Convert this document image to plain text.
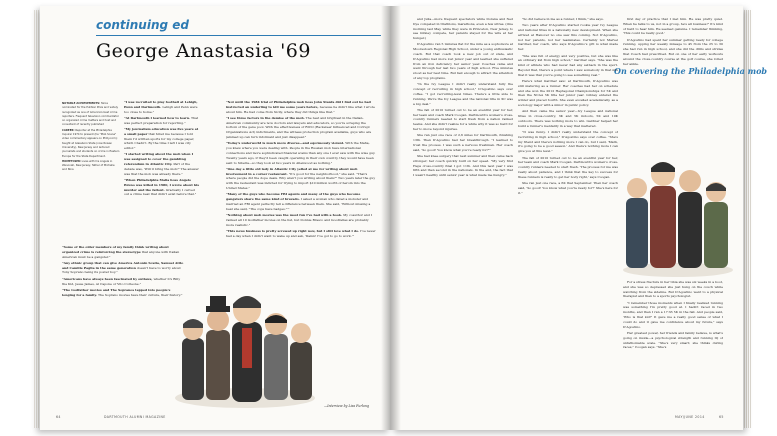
continuing ed
George Anastasia '69
On covering the Philadelphia mob

NOTABLE ACHIEVEMENTS: Twice nominated for the Pulitzer Prize and widely recognized as one of America's best crime reporters. Frequent television commentator on organized crime matters and host and consultant of recently published

CAREER: Reporter at the Philadelphia Inquirer 1974 to present (he "Mob Scene" video commentary appears on Philly.com); taught at Glassboro State (now Rowan University), New Jersey and lectured journalists and students on crime in Eastern Europe for the State Department.

HOMETOWN: Lives with his Angela in Wenonah, New Jersey; father of Michelle and Nina

"I was recruited to play football at Lehigh, Penn and Dartmouth. Lehigh and Penn were too close to home."

"At Dartmouth I learned how to learn. That was perfect preparation for reporting."

"My journalism education was five years at a small paper that hired me because I told them I'd written sports for my college paper, which I hadn't. By the time I left I was city editor."

"I started writing about the mob when I was assigned to cover the gambling referendum in Atlantic City. Part of the debate was, 'Will it bring the mob?' The answer was that the mob was already there."

"When Philadelphia Mafia boss Angelo Bruno was killed in 1980, I wrote about his murder and the fallout. Gradually I carved out a crime beat that didn't exist before that."

"Not until the 1984 trial of Philadelphia mob boss John Stanfa did I find out he had instructed an underling to kill me some years before, because he didn't like what I wrote about him. He had come from Sicily, where they did things like that."

"I see three factors in the demise of the mob. The best and brightest in the Italian-American community are now doctors and lawyers and educators, so you're scraping the bottom of the gene pool. With the effectiveness of RICO (Racketeer Influenced and Corrupt Organizations Act) indictments, and the witness protection program available, guys who are jammed up can turn informant and just disappear."

"Today's underworld is much more diverse—and eqormously violent. With the Mafia, you knew where you were dealing with. People in the Russian mob have international connections and more sophisticated financial scams than any one I ever saw with the wise guy. Twenty years ago, if they'd been caught operating in their own country, they would have been sent to Siberia—so they look at two years in Allenwood as nothing."

"One day a little old lady in Atlantic City yelled at me for writing about mob involvement in a corner restaurant. "It's good for the neighborhood," she said. "That's where people did the dope deals. Why aren't you writing about them?" Two years later the guy with the restaurant was indicted for trying to import $10 million worth of heroin into the United States."

"Many of the guys who become FBI agents and many of the guys who become gangsters share the same kind of bravado. I asked a woman who dated a mobster and married an FBI agent perfectly tell a difference between them. She said, 'Without missing a beat she said, "The cops have badges."'"

"Nothing about mob movies was the most fun I've had with a book. My coauthor and I ranked all 10 Godfather movies on the list, but Donnie Brasco and Goodfellas are probably more realistic."

"This news business is pretty screwed up right now, but I still love what I do. I've never had a day when I didn't want to wake up and ask, 'Damn! I've got to go to work.'"

"Some of the older members of my family think writing about organized crime is reinforcing the stereotype that anyone with Italian American must be a gangster."

"Any ethnic group that can give America Antonin Scalia, Samuel Alito and Camille Paglia in the same generation doesn't have to worry about Tony Soprano being its poster boy."

"Americans have always been fascinated by outlaws, whether it's Billy the Kid, Jesse James, Al Capone or Vito Corleone."

"The Godfather movies and The Sopranos tapped into people's longing for a family. The Soprano movies have their culture, their history."

—Interview by Lisa Furlong
64	DARTMOUTH ALUMNI MAGAZINE

and Julia—more frequent spectators while Dorena and Ned Dye competed in triathlons, marathons, even a few ultras. (One morning last May, while they were in Princeton, New Jersey, to see Gibney compete, her parents stayed for the wife at her hunger.)

D'Agostino ran 5 minutes flat for the mile as a sophomore at Moorestown Regional High School, under a young enthusiastic coach. But that coach took a new job out of state, and D'Agostino had more lost junior year and learned she suffered from an iron deficiency her senior year. Coaches came and went through her last two years of high school. Five minutes stood as her best time. But fast enough to attract the attention of any top programs.

"In the Ivy League I didn't really understand fully the concept of recruiting in high school," D'Agostino says over coffee. "I got recruiting-level times. There's a little side to running. We're the Ivy League and the national title in XC was a big deal."

The fall of 2010 turned out to be an eventful year for her, her team and coach Mark Coogan. Dartmouth's women's cross-country runners needed to start fresh from a nation ranked teams. And she didn't realize for a while why it was so hard for her to move beyond injuries.

She ran just one race of 2,6 miles for Dartmouth, finishing 13th. Then D'Agostino had her breakthrough. "I learned to trust the process. I was such a nervous freshman. Her coach said, 'So good! You know what you're ready for?'"

She had knee surgery that next summer and then came back stronger; her coach quickly built on her speed. "My very first Heps cross-country final I got 11th. And this next year I was fifth and then second in the nationals. In the end, the fact that I wasn't healthy until senior year is what made me hungry."

"So did believe in me as a runner, I think," she says.

Two years after D'Agostino started rookie year Ivy League and national titles in a nationally new development. When she arrived at Hanover no one saw this coming. Not D'Agostino, not her parents, not her teammates. Certainly not Marvel Gardner, her coach, who says D'Agostino's grit is what made her.

"She was full of energy and very positive, but she was like an ordinary kid from high school," Gardner says. "She was the kind of athlete who had never had any setback in the sport. Beyond that, there's a point where I saw somebody in that mix that it was that you're going to see something real."

Here's what Gardner saw: at Dartmouth, D'Agostino was still maturing as a runner. Her coaches had her on schedule and she won the 2012 Heptagonal Championships for 5K and then the NCAA 5K title her junior year. Gibney entered the winter and placed fourth. She even excelled academically, as a sociology major with a minor in public policy.

And then came the senior year—Ivy League and national titles in cross-country, 3K and 5K indoors, 5K and 10K outdoors. There was nothing more to win. Gardner helped her build a runner's mentality in a way that mattered.

"It was funny. I didn't really understand the concept of recruiting in high school," D'Agostino says over coffee. "She's my friend and there's nothing more I can do, but I said, 'Mark, it's going to be a good season.' And there's nothing more I can give you at this level."

The fall of 2010 turned out to be an eventful year for her, her team and coach Mark Coogan. Dartmouth's women's cross-country runners needed to start fresh. 'The process for me was really about patience, and I think that the key to success for these runners is really to get her body right,' says Coogan.

She ran just one race, a 6K that September. Then her coach said, 'So good! You know what you're ready for?' She's here for it."

first day of practice that I met him. He was pretty quiet. When he talks to us, not in a group, he's all business!" It's kind of hard to hear him. He seemed genuine. I remember thinking, 'This could be really good.'

D'Agostino had spent her summer getting ready for college running, upping her weekly mileage to 45 from the 25 to 30 she had run in high school, and she did the drills and strides that Coach had prescribed. But on one of her early workouts around the cross-country course at the golf course, she rolled her ankle.

For a stress fracture in her tibia she was six weeks in a boot, and she was so depressed she just hung on the couch while watching from the sideline. But D'Agostino went to a physical therapist and then to a sports psychologist.

"I remember those moments when I finally realized running was something I'm pretty good at. I hadn't raced in two months, and then I ran a 17:33 5K in the fall. And people said, 'Who is that kid?' It gave me a really good sense of what I could do and it gave me confidence about my future," says D'Agostino.

Her greatest power, her friends and family believe, is what's going on inside—a psychological strength and running IQ of unfathomable scale. "She's very smart; she thinks during races," Coogan says. "She's

MAY/JUNE 2014	65
